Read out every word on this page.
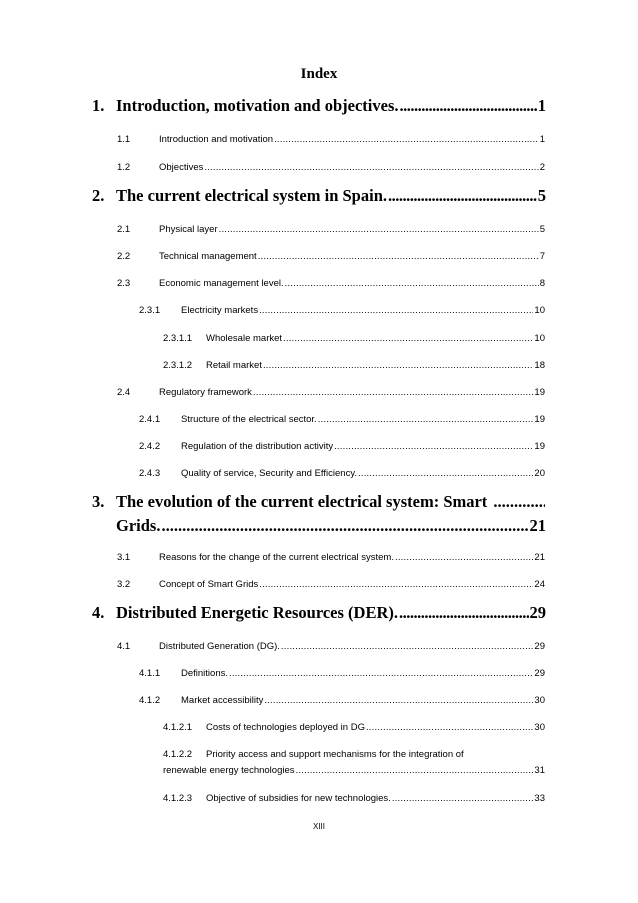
Index
1. Introduction, motivation and objectives. .....	1
1.1	Introduction and motivation .....	1
1.2	Objectives .....	2
2. The current electrical system in Spain. .....	5
2.1	Physical layer .....	5
2.2	Technical management .....	7
2.3	Economic management level. .....	8
2.3.1	Electricity markets .....	10
2.3.1.1	Wholesale market .....	10
2.3.1.2	Retail market .....	18
2.4	Regulatory framework .....	19
2.4.1	Structure of the electrical sector. .....	19
2.4.2	Regulation of the distribution activity .....	19
2.4.3	Quality of service, Security and Efficiency. .....	20
3. The evolution of the current electrical system: Smart
.....
Grids. .....	21
3.1	Reasons for the change of the current electrical system. .....	21
3.2	Concept of Smart Grids .....	24
4. Distributed Energetic Resources (DER). .....	29
4.1	Distributed Generation (DG). .....	29
4.1.1	Definitions. .....	29
4.1.2	Market accessibility .....	30
4.1.2.1	Costs of technologies deployed in DG .....	30
4.1.2.2	Priority access and support mechanisms for the integration of
renewable energy technologies .....	31
4.1.2.3	Objective of subsidies for new technologies. .....	33
XIII
